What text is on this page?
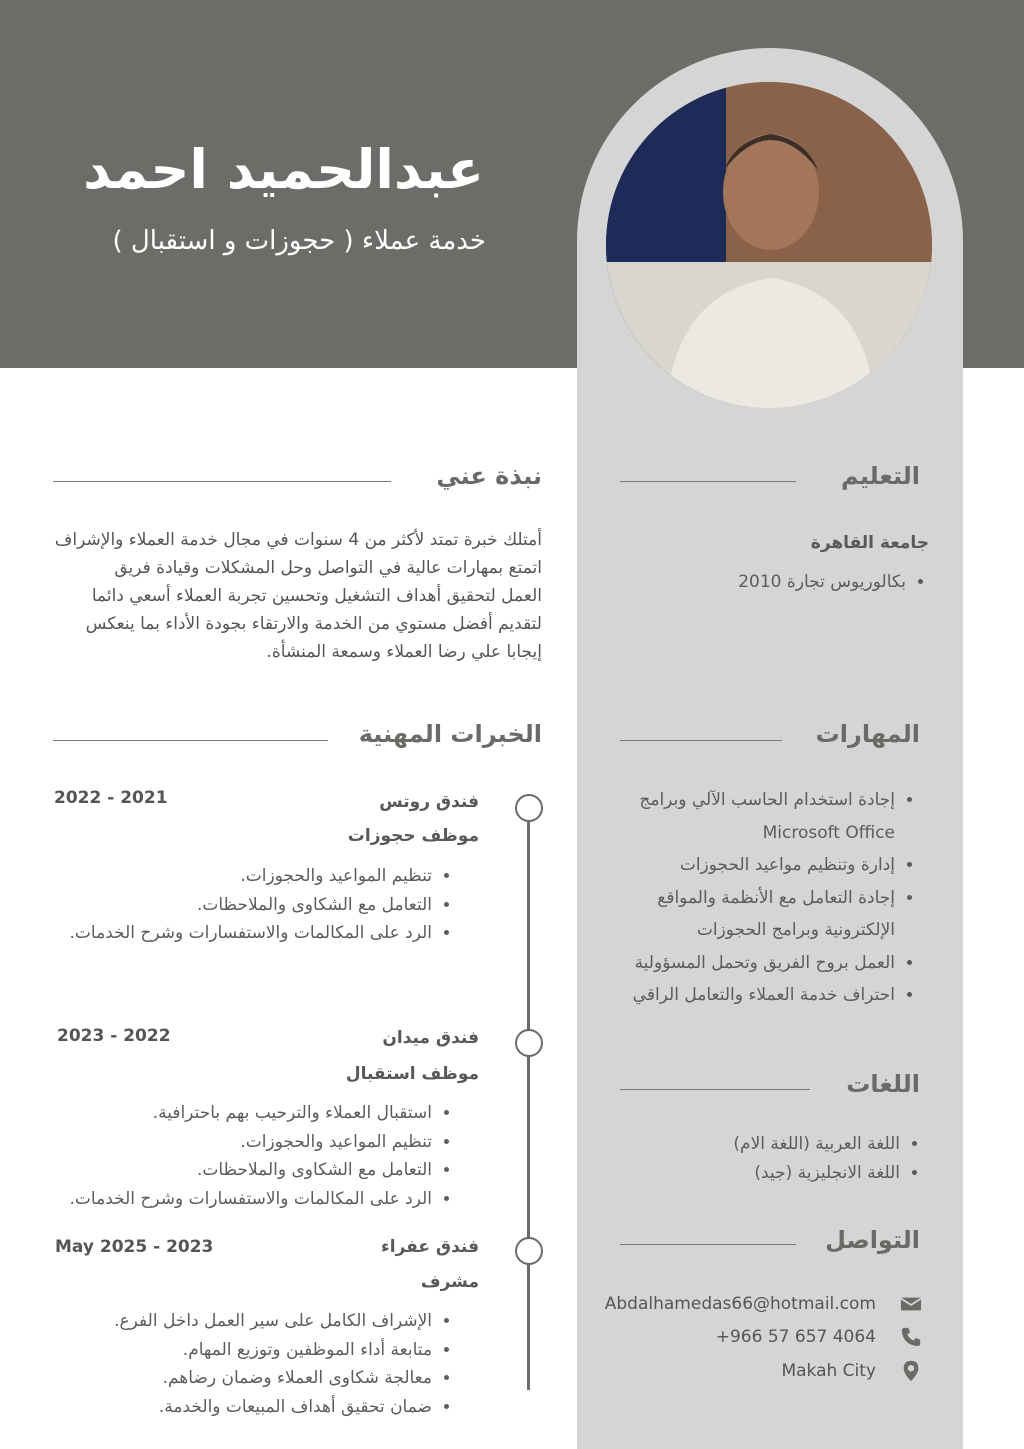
عبدالحميد احمد

خدمة عملاء ( حجوزات و استقبال )

نبذة عني

أمتلك خبرة تمتد لأكثر من 4 سنوات في مجال خدمة العملاء والإشراف

اتمتع بمهارات عالية في التواصل وحل المشكلات وقيادة فريق

العمل لتحقيق أهداف التشغيل وتحسين تجربة العملاء أسعي دائما

لتقديم أفضل مستوي من الخدمة والارتقاء بجودة الأداء بما ينعكس

إيجابا علي رضا العملاء وسمعة المنشأة.

التعليم

جامعة القاهرة

• بكالوريوس تجارة 2010
الخبرات المهنية

فندق روتس

2022 - 2021

موظف حجوزات

• تنظيم المواعيد والحجوزات.
• التعامل مع الشكاوى والملاحظات.
• الرد على المكالمات والاستفسارات وشرح الخدمات.

فندق ميدان

2023 - 2022

موظف استقبال

• استقبال العملاء والترحيب بهم باحترافية.
• تنظيم المواعيد والحجوزات.
• التعامل مع الشكاوى والملاحظات.
• الرد على المكالمات والاستفسارات وشرح الخدمات.

فندق عفراء

May 2025 - 2023

مشرف

• الإشراف الكامل على سير العمل داخل الفرع.
• متابعة أداء الموظفين وتوزيع المهام.
• معالجة شكاوى العملاء وضمان رضاهم.
• ضمان تحقيق أهداف المبيعات والخدمة.
المهارات
• إجادة استخدام الحاسب الآلي وبرامج
Microsoft Office
• إدارة وتنظيم مواعيد الحجوزات
• إجادة التعامل مع الأنظمة والمواقع
الإلكترونية وبرامج الحجوزات
• العمل بروح الفريق وتحمل المسؤولية
• احتراف خدمة العملاء والتعامل الراقي
اللغات
• اللغة العربية (اللغة الام)
• اللغة الانجليزية (جيد)
التواصل
Abdalhamedas66@hotmail.com
+966 57 657 4064
Makah City
